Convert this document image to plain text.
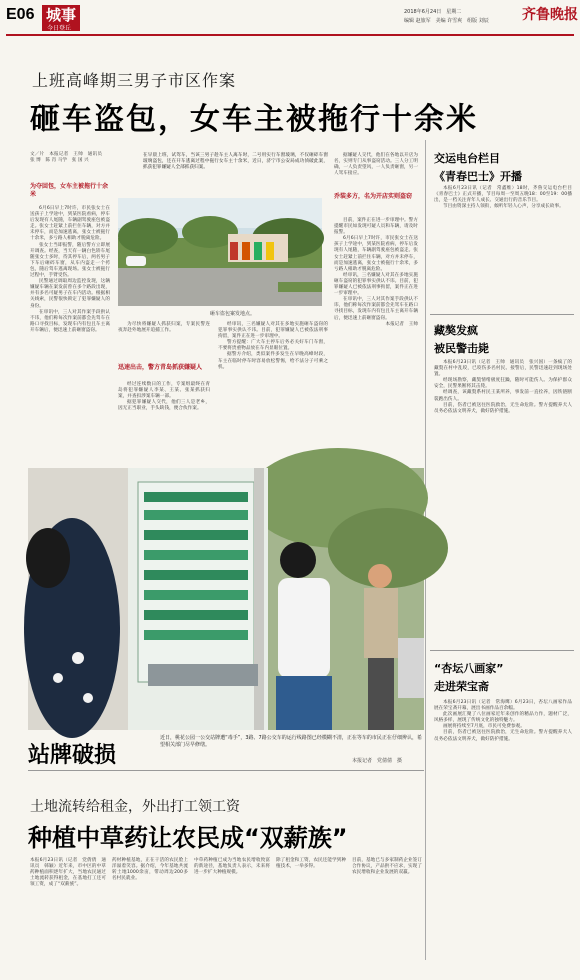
E06 城事
今日登丘
2018年6月24日　星期二
编辑 赵旅军　美编 许雪爽　组版 刘辰 齐鲁晚报
上班高峰期三男子市区作案
砸车盗包，女车主被拖行十余米
文／片　本报记者　王帅　通讯员　张 博　陈 肖 马学　张 国 兴
为夺回包，女车主被拖行十余米
6月6日早上7时许，市民张女士在送孩子上学途中，到某医院看病，停车后发现有人尾随，车辆副驾驶座包被盗走。张女士赶紧上前拦住车辆，对方并未停车，而是加速逃离，张女士被拖行十余米，多亏路人相助才脱离危险。
张女士当即报警，随后警方立即展开调查。经查，当天有一辆白色轿车尾随张女士多时，待其停车后，两名男子下车后砸碎车窗，从车内盗走一个挎包，随后驾车逃离现场。张女士被拖行过程中，手臂受伤。
民警通过调取周边监控发现，这辆嫌疑车辆在案发前曾在多个路段出现，并有多名可疑男子在车内活动。根据相关线索，民警很快锁定了犯罪嫌疑人的身份。
在审讯中，三人对其作案手段供认不讳，他们称每次作案前都会先驾车在路口寻找目标，发现车内有包且车主离开车辆后，便迅速上前砸窗盗窃。
在早晨上班，试驾车，当该三男子趁车主人离车时，二号用实行车窗玻璃，不仅砸碎车窗玻璃盗包，还在开车逃离过程中拖行女车主十余米，近日，济宁市公安局成功侦破此案，抓获犯罪嫌疑人全部抓获归案。
砸车盗包案发地点。
为尽快将嫌疑人抓获归案，专案民警连夜奔赴外地展开追捕工作。
迅速出击，警方青岛抓获嫌疑人
经过连续数日的工作，专案组最终在青岛将犯罪嫌疑人李某、王某、张某抓获归案，并查扣涉案车辆一部。
据犯罪嫌疑人交代，他们三人是老乡，因无正当职业，手头缺钱，便合伙作案。
经审讯，三名嫌疑人对其在多地实施砸车盗窃的犯罪事实供认不讳。目前，犯罪嫌疑人已被依法刑事拘留，案件正在进一步审理中。
警方提醒：广大车主停车后务必关好车门车窗，不要将贵重物品放在车内显眼位置。
据警方介绍，类似案件多发生在早晚高峰时段，车主在临时停车时容易放松警惕，给不法分子可乘之机。
据嫌疑人交代，他们在各地以开店为名，实则专门从事盗窃活动。三人分工明确，一人负责望风，一人负责砸窗，另一人驾车接应。
乔装多方，名为开店实则盗窃
目前，案件正在进一步审理中。警方提醒市民如发现可疑人员和车辆，请及时报警。
6月6日早上7时许，市民张女士在送孩子上学途中，到某医院看病，停车后发现有人尾随，车辆副驾驶座包被盗走。张女士赶紧上前拦住车辆，对方并未停车，而是加速逃离，张女士被拖行十余米，多亏路人相助才脱离危险。
经审讯，三名嫌疑人对其在多地实施砸车盗窃的犯罪事实供认不讳。目前，犯罪嫌疑人已被依法刑事拘留，案件正在进一步审理中。
在审讯中，三人对其作案手段供认不讳，他们称每次作案前都会先驾车在路口寻找目标，发现车内有包且车主离开车辆后，便迅速上前砸窗盗窃。
本报记者　王帅
交运电台栏目
《青春巴士》开播
本报6月23日讯（记者　常鑫维）18时，齐鲁交运电台栏目《青春巴士》正式开播，节目每周一至周五晚18：00至19：00播出，是一档关注青年人成长、交通出行的音乐节目。
节目由资深主持人领衔，倾听年轻人心声，分享成长故事。
藏獒发疯
被民警击毙
本报6月23日讯（记者　王帅　通讯员　张兴国）一条疯了的藏獒在村中乱咬，已咬伤多名村民。接警后，民警迅速赶到现场处置。
经现场勘察，藏獒情绪极度狂躁，随时可能伤人。为保护群众安全，民警果断将其击毙。
经调查，该藏獒系村民王某所养，事发前一直拴养，因铁链断裂跑出伤人。
目前，伤者已被送往医院救治，无生命危险。警方提醒养犬人员务必依法文明养犬，做好防护措施。
“杏坛八画家”
走进荣宝斋
本报6月23日讯（记者　常海鹰）6月23日，杏坛八画家作品展在荣宝斋开幕，展出书画作品百余幅。
此次画展汇聚了八位画家近年来创作的精品力作，题材广泛，风格多样，展现了传统文化的独特魅力。
画展将持续至7月底，市民可免费参观。
目前，伤者已被送往医院救治，无生命危险。警方提醒养犬人员务必依法文明养犬，做好防护措施。
站牌破损
近日，桃花公园一公交站牌遭“毒手”，3路、7路公交车的运行线路图已经模糊不清，正在等车的市民正在仔细辨认，希望相关部门尽早修缮。
本报记者　党倩倩　摄
土地流转给租金，外出打工领工资
种植中草药让农民成“双薪族”
本报6月23日讯（记者　党倩倩　通讯员　韩颖）近年来，市中区的中草药种植面积逐年扩大，当地农民通过土地流转获得租金，在基地打工还可领工资，成了“双薪族”。
药材种植基地，正在干活的农民脸上洋溢着笑容。据介绍，今年基地共流转土地1000余亩，带动周边200多名村民就业。
中草药种植已成为当地农民增收致富的新途径，基地负责人表示，未来将进一步扩大种植规模。
除了租金和工资，农民还能学到种植技术，一举多得。
目前，基地已与多家制药企业签订合作协议，产品供不应求，实现了农民增收和企业发展的双赢。
